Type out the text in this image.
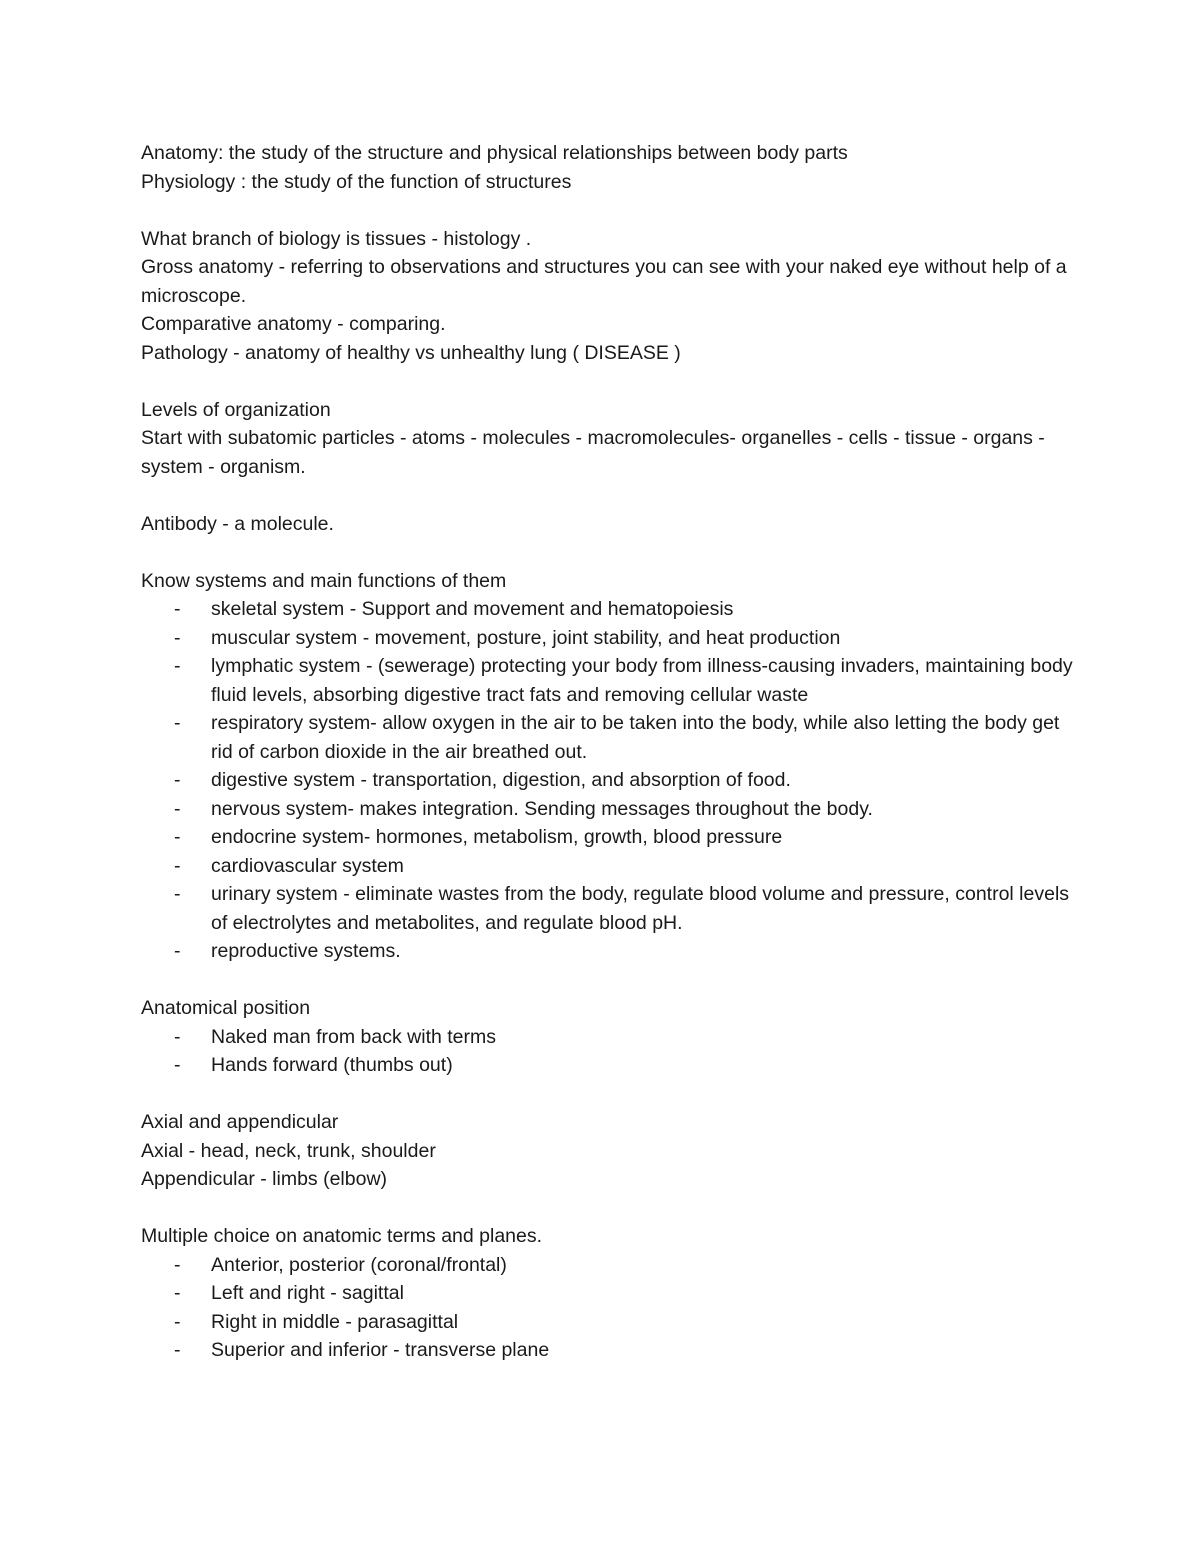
Anatomy: the study of the structure and physical relationships between body parts
Physiology : the study of the function of structures
What branch of biology is tissues - histology .
Gross anatomy - referring to observations and structures you can see with your naked eye without help of a microscope.
Comparative anatomy - comparing.
Pathology - anatomy of healthy vs unhealthy lung ( DISEASE )
Levels of organization
Start with subatomic particles - atoms - molecules - macromolecules- organelles - cells - tissue - organs - system - organism.
Antibody - a molecule.
Know systems and main functions of them
- skeletal system - Support and movement and hematopoiesis
- muscular system - movement, posture, joint stability, and heat production
- lymphatic system - (sewerage) protecting your body from illness-causing invaders, maintaining body fluid levels, absorbing digestive tract fats and removing cellular waste
- respiratory system- allow oxygen in the air to be taken into the body, while also letting the body get rid of carbon dioxide in the air breathed out.
- digestive system - transportation, digestion, and absorption of food.
- nervous system- makes integration. Sending messages throughout the body.
- endocrine system- hormones, metabolism, growth, blood pressure
- cardiovascular system
- urinary system - eliminate wastes from the body, regulate blood volume and pressure, control levels of electrolytes and metabolites, and regulate blood pH.
- reproductive systems.
Anatomical position
- Naked man from back with terms
- Hands forward (thumbs out)
Axial and appendicular
Axial - head, neck, trunk, shoulder
Appendicular - limbs (elbow)
Multiple choice on anatomic terms and planes.
- Anterior, posterior (coronal/frontal)
- Left and right - sagittal
- Right in middle - parasagittal
- Superior and inferior - transverse plane
